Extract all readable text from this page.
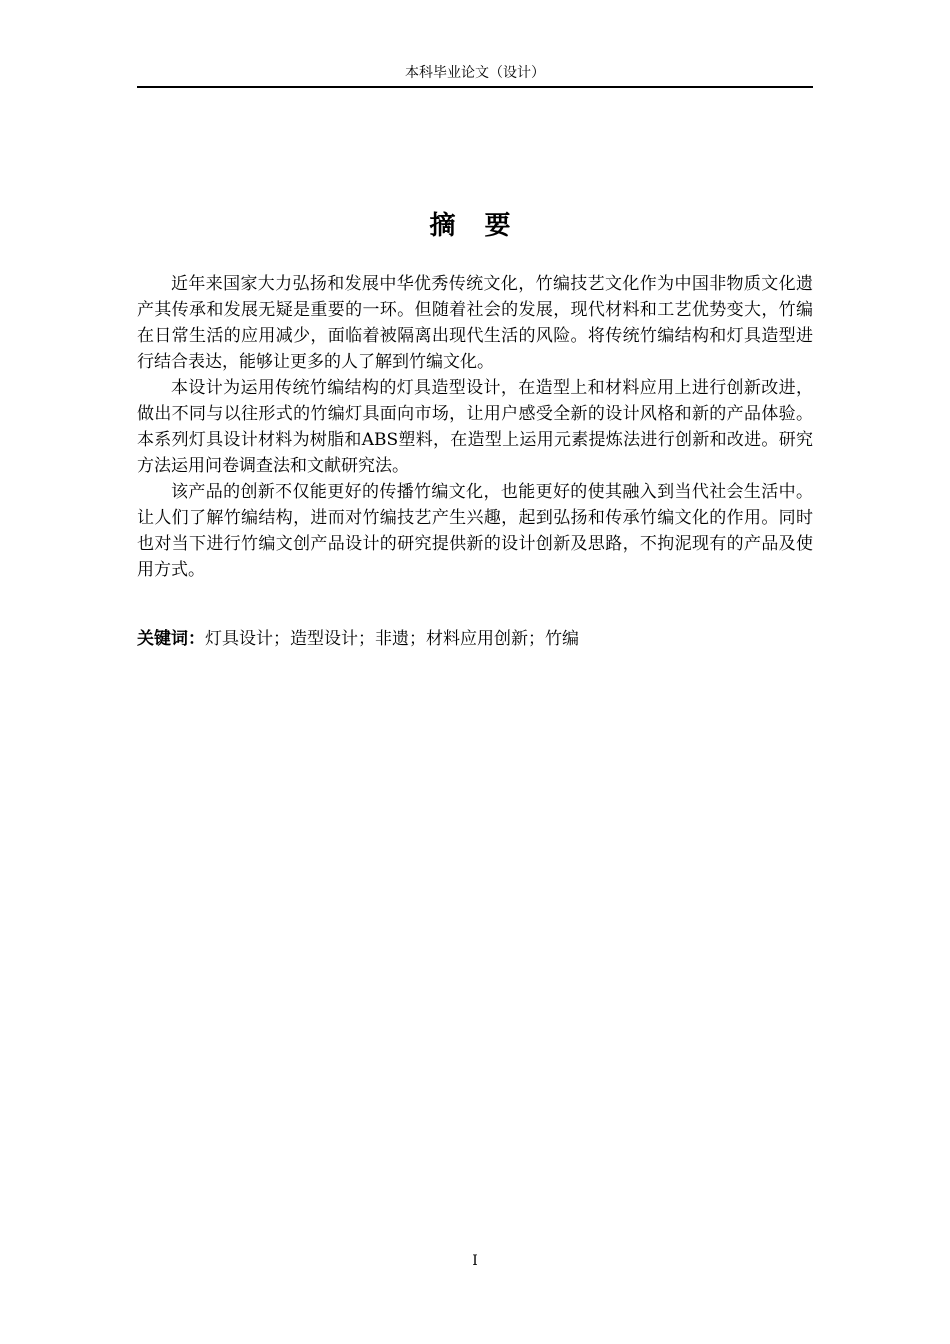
本科毕业论文（设计）
摘 要

近年来国家大力弘扬和发展中华优秀传统文化，竹编技艺文化作为中国非物质文化遗产其传承和发展无疑是重要的一环。但随着社会的发展，现代材料和工艺优势变大，竹编在日常生活的应用减少，面临着被隔离出现代生活的风险。将传统竹编结构和灯具造型进行结合表达，能够让更多的人了解到竹编文化。

本设计为运用传统竹编结构的灯具造型设计，在造型上和材料应用上进行创新改进，做出不同与以往形式的竹编灯具面向市场，让用户感受全新的设计风格和新的产品体验。本系列灯具设计材料为树脂和ABS塑料，在造型上运用元素提炼法进行创新和改进。研究方法运用问卷调查法和文献研究法。

该产品的创新不仅能更好的传播竹编文化，也能更好的使其融入到当代社会生活中。让人们了解竹编结构，进而对竹编技艺产生兴趣，起到弘扬和传承竹编文化的作用。同时也对当下进行竹编文创产品设计的研究提供新的设计创新及思路，不拘泥现有的产品及使用方式。

关键词：灯具设计；造型设计；非遗；材料应用创新；竹编
I
